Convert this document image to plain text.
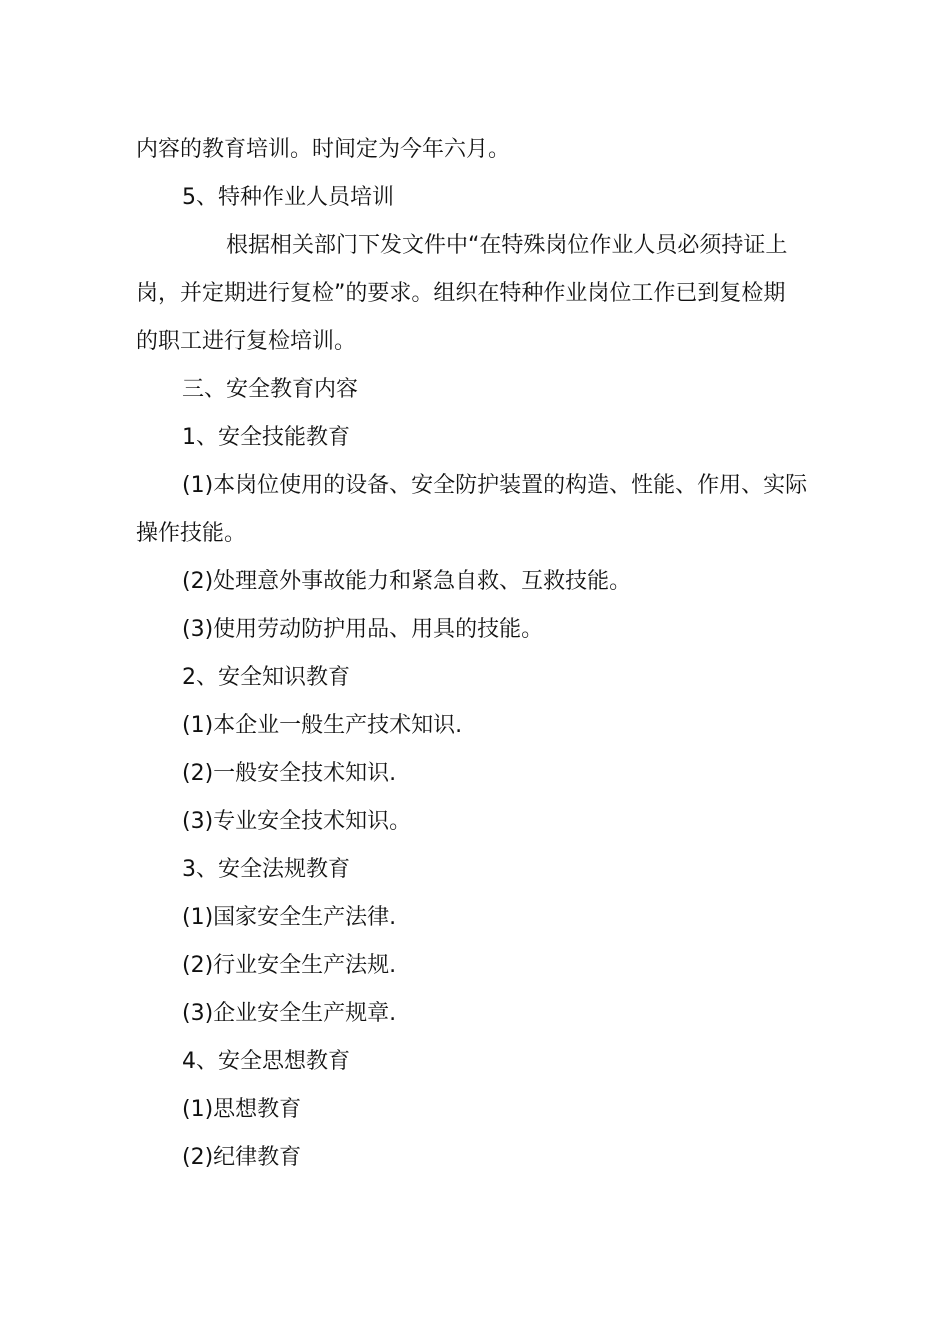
内容的教育培训。时间定为今年六月。
5、特种作业人员培训
根据相关部门下发文件中“在特殊岗位作业人员必须持证上
岗，并定期进行复检”的要求。组织在特种作业岗位工作已到复检期
的职工进行复检培训。
三、安全教育内容
1、安全技能教育
(1)本岗位使用的设备、安全防护装置的构造、性能、作用、实际
操作技能。
(2)处理意外事故能力和紧急自救、互救技能。
(3)使用劳动防护用品、用具的技能。
2、安全知识教育
(1)本企业一般生产技术知识.
(2)一般安全技术知识.
(3)专业安全技术知识。
3、安全法规教育
(1)国家安全生产法律.
(2)行业安全生产法规.
(3)企业安全生产规章.
4、安全思想教育
(1)思想教育
(2)纪律教育
